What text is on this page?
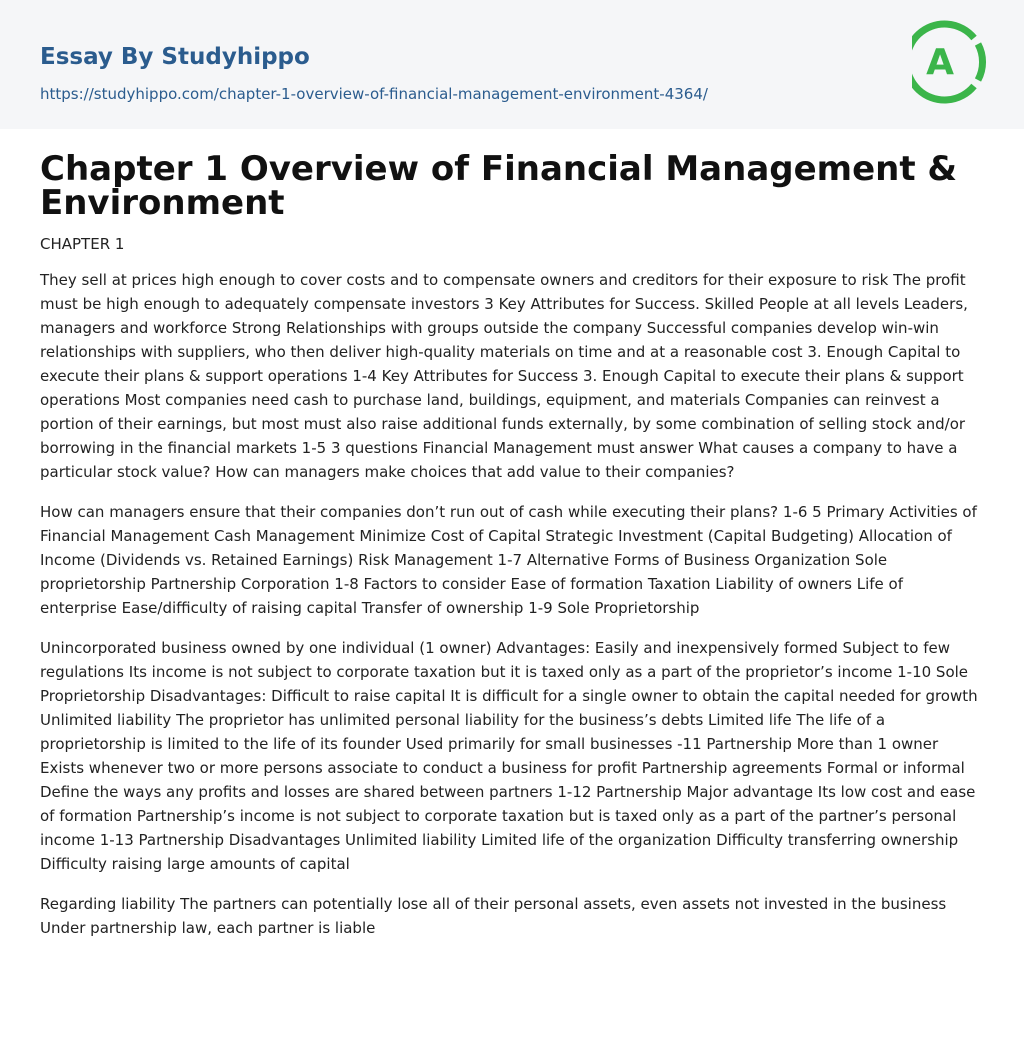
Essay By Studyhippo
https://studyhippo.com/chapter-1-overview-of-financial-management-environment-4364/
A
Chapter 1 Overview of Financial Management & Environment

CHAPTER 1

They sell at prices high enough to cover costs and to compensate owners and creditors for their exposure to risk The profit must be high enough to adequately compensate investors 3 Key Attributes for Success. Skilled People at all levels Leaders, managers and workforce Strong Relationships with groups outside the company Successful companies develop win-win relationships with suppliers, who then deliver high-quality materials on time and at a reasonable cost 3. Enough Capital to execute their plans & support operations 1-4 Key Attributes for Success 3. Enough Capital to execute their plans & support operations Most companies need cash to purchase land, buildings, equipment, and materials Companies can reinvest a portion of their earnings, but most must also raise additional funds externally, by some combination of selling stock and/or borrowing in the financial markets 1-5 3 questions Financial Management must answer What causes a company to have a particular stock value? How can managers make choices that add value to their companies?

How can managers ensure that their companies don’t run out of cash while executing their plans? 1-6 5 Primary Activities of Financial Management Cash Management Minimize Cost of Capital Strategic Investment (Capital Budgeting) Allocation of Income (Dividends vs. Retained Earnings) Risk Management 1-7 Alternative Forms of Business Organization Sole proprietorship Partnership Corporation 1-8 Factors to consider Ease of formation Taxation Liability of owners Life of enterprise Ease/difficulty of raising capital Transfer of ownership 1-9 Sole Proprietorship

Unincorporated business owned by one individual (1 owner) Advantages: Easily and inexpensively formed Subject to few regulations Its income is not subject to corporate taxation but it is taxed only as a part of the proprietor’s income 1-10 Sole Proprietorship Disadvantages: Difficult to raise capital It is difficult for a single owner to obtain the capital needed for growth Unlimited liability The proprietor has unlimited personal liability for the business’s debts Limited life The life of a proprietorship is limited to the life of its founder Used primarily for small businesses -11 Partnership More than 1 owner Exists whenever two or more persons associate to conduct a business for profit Partnership agreements Formal or informal Define the ways any profits and losses are shared between partners 1-12 Partnership Major advantage Its low cost and ease of formation Partnership’s income is not subject to corporate taxation but is taxed only as a part of the partner’s personal income 1-13 Partnership Disadvantages Unlimited liability Limited life of the organization Difficulty transferring ownership Difficulty raising large amounts of capital

Regarding liability The partners can potentially lose all of their personal assets, even assets not invested in the business Under partnership law, each partner is liable
